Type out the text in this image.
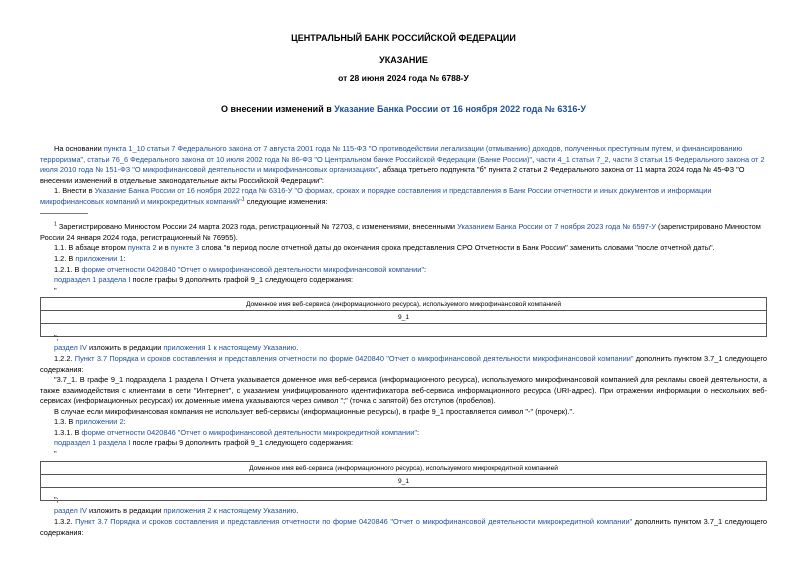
ЦЕНТРАЛЬНЫЙ БАНК РОССИЙСКОЙ ФЕДЕРАЦИИ
УКАЗАНИЕ
от 28 июня 2024 года № 6788-У
О внесении изменений в Указание Банка России от 16 ноября 2022 года № 6316-У
На основании пункта 1_10 статьи 7 Федерального закона от 7 августа 2001 года № 115-ФЗ "О противодействии легализации (отмыванию) доходов, полученных преступным путем, и финансированию терроризма", статьи 76_6 Федерального закона от 10 июля 2002 года № 86-ФЗ "О Центральном банке Российской Федерации (Банке России)", части 4_1 статьи 7_2, части 3 статьи 15 Федерального закона от 2 июля 2010 года № 151-ФЗ "О микрофинансовой деятельности и микрофинансовых организациях", абзаца третьего подпункта "б" пункта 2 статьи 2 Федерального закона от 11 марта 2024 года № 45-ФЗ "О внесении изменений в отдельные законодательные акты Российской Федерации":
1. Внести в Указание Банка России от 16 ноября 2022 года № 6316-У "О формах, сроках и порядке составления и представления в Банк России отчетности и иных документов и информации микрофинансовых компаний и микрокредитных компаний"$^1$ следующие изменения:
$^1$ Зарегистрировано Минюстом России 24 марта 2023 года, регистрационный № 72703, с изменениями, внесенными Указанием Банка России от 7 ноября 2023 года № 6597-У (зарегистрировано Минюстом России 24 января 2024 года, регистрационный № 76955).
1.1. В абзаце втором пункта 2 и в пункте 3 слова "в период после отчетной даты до окончания срока представления СРО Отчетности в Банк России" заменить словами "после отчетной даты".
1.2. В приложении 1:
1.2.1. В форме отчетности 0420840 "Отчет о микрофинансовой деятельности микрофинансовой компании":
подраздел 1 раздела I после графы 9 дополнить графой 9_1 следующего содержания:
"
Доменное имя веб-сервиса (информационного ресурса), используемого микрофинансовой компанией
9_1

";
раздел IV изложить в редакции приложения 1 к настоящему Указанию.
1.2.2. Пункт 3.7 Порядка и сроков составления и представления отчетности по форме 0420840 "Отчет о микрофинансовой деятельности микрофинансовой компании" дополнить пунктом 3.7_1 следующего содержания:
"3.7_1. В графе 9_1 подраздела 1 раздела I Отчета указывается доменное имя веб-сервиса (информационного ресурса), используемого микрофинансовой компанией для рекламы своей деятельности, а также взаимодействия с клиентами в сети "Интернет", с указанием унифицированного идентификатора веб-сервиса информационного ресурса (URI-адрес). При отражении информации о нескольких веб-сервисах (информационных ресурсах) их доменные имена указываются через символ ";" (точка с запятой) без отступов (пробелов).
В случае если микрофинансовая компания не использует веб-сервисы (информационные ресурсы), в графе 9_1 проставляется символ "-" (прочерк).".
1.3. В приложении 2:
1.3.1. В форме отчетности 0420846 "Отчет о микрофинансовой деятельности микрокредитной компании":
подраздел 1 раздела I после графы 9 дополнить графой 9_1 следующего содержания:
"
Доменное имя веб-сервиса (информационного ресурса), используемого микрокредитной компанией
9_1

";
раздел IV изложить в редакции приложения 2 к настоящему Указанию.
1.3.2. Пункт 3.7 Порядка и сроков составления и представления отчетности по форме 0420846 "Отчет о микрофинансовой деятельности микрокредитной компании" дополнить пунктом 3.7_1 следующего содержания:
